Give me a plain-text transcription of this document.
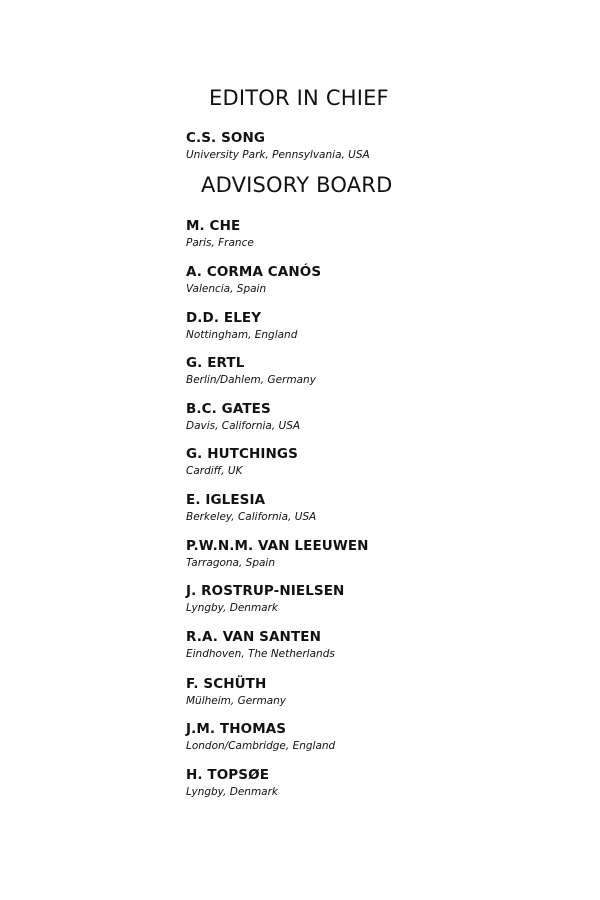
EDITOR IN CHIEF
C.S. SONG
University Park, Pennsylvania, USA
ADVISORY BOARD
M. CHE
Paris, France
A. CORMA CANÓS
Valencia, Spain
D.D. ELEY
Nottingham, England
G. ERTL
Berlin/Dahlem, Germany
B.C. GATES
Davis, California, USA
G. HUTCHINGS
Cardiff, UK
E. IGLESIA
Berkeley, California, USA
P.W.N.M. VAN LEEUWEN
Tarragona, Spain
J. ROSTRUP-NIELSEN
Lyngby, Denmark
R.A. VAN SANTEN
Eindhoven, The Netherlands
F. SCHÜTH
Mülheim, Germany
J.M. THOMAS
London/Cambridge, England
H. TOPSØE
Lyngby, Denmark
